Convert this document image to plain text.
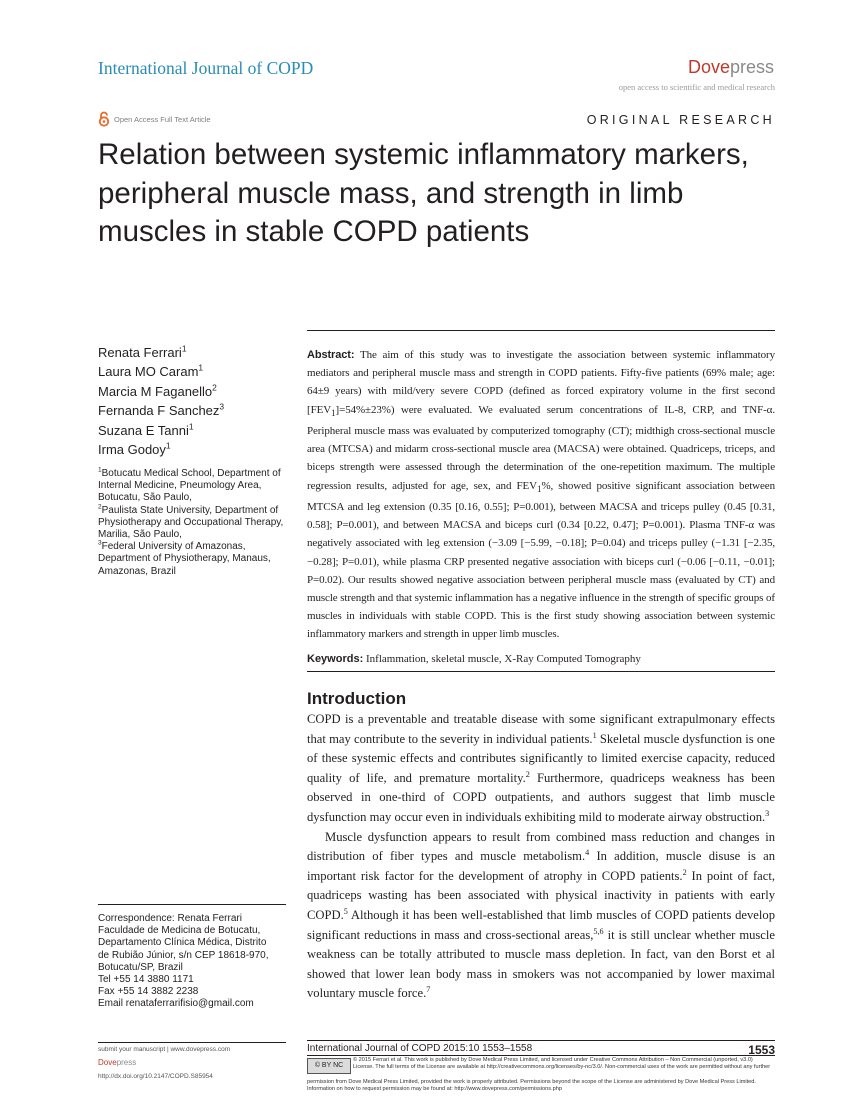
International Journal of COPD	Dovepress
open access to scientific and medical research
Open Access Full Text Article	ORIGINAL RESEARCH
Relation between systemic inflammatory markers, peripheral muscle mass, and strength in limb muscles in stable COPD patients
Renata Ferrari$^1$
Laura MO Caram$^1$
Marcia M Faganello$^2$
Fernanda F Sanchez$^3$
Suzana E Tanni$^1$
Irma Godoy$^1$
$^1$Botucatu Medical School, Department of Internal Medicine, Pneumology Area, Botucatu, São Paulo,
$^2$Paulista State University, Department of Physiotherapy and Occupational Therapy, Marilia, São Paulo,
$^3$Federal University of Amazonas, Department of Physiotherapy, Manaus, Amazonas, Brazil
Correspondence: Renata Ferrari
Faculdade de Medicina de Botucatu,
Departamento Clínica Médica, Distrito
de Rubião Júnior, s/n CEP 18618-970,
Botucatu/SP, Brazil
Tel +55 14 3880 1171
Fax +55 14 3882 2238
Email renataferrarifisio@gmail.com
Abstract: The aim of this study was to investigate the association between systemic inflammatory mediators and peripheral muscle mass and strength in COPD patients. Fifty-five patients (69% male; age: 64±9 years) with mild/very severe COPD (defined as forced expiratory volume in the first second $[FEV_1]=54\%\pm 23\%$) were evaluated. We evaluated serum concentrations of IL-8, CRP, and TNF-α. Peripheral muscle mass was evaluated by computerized tomography (CT); midthigh cross-sectional muscle area (MTCSA) and midarm cross-sectional muscle area (MACSA) were obtained. Quadriceps, triceps, and biceps strength were assessed through the determination of the one-repetition maximum. The multiple regression results, adjusted for age, sex, and $FEV_1\%$, showed positive significant association between MTCSA and leg extension (0.35 [0.16, 0.55]; P=0.001), between MACSA and triceps pulley (0.45 [0.31, 0.58]; P=0.001), and between MACSA and biceps curl (0.34 [0.22, 0.47]; P=0.001). Plasma TNF-α was negatively associated with leg extension (−3.09 [−5.99, −0.18]; P=0.04) and triceps pulley (−1.31 [−2.35, −0.28]; P=0.01), while plasma CRP presented negative association with biceps curl (−0.06 [−0.11, −0.01]; P=0.02). Our results showed negative association between peripheral muscle mass (evaluated by CT) and muscle strength and that systemic inflammation has a negative influence in the strength of specific groups of muscles in individuals with stable COPD. This is the first study showing association between systemic inflammatory markers and strength in upper limb muscles.
Keywords: Inflammation, skeletal muscle, X-Ray Computed Tomography
Introduction

COPD is a preventable and treatable disease with some significant extrapulmonary effects that may contribute to the severity in individual patients.$^1$ Skeletal muscle dysfunction is one of these systemic effects and contributes significantly to limited exercise capacity, reduced quality of life, and premature mortality.$^2$ Furthermore, quadriceps weakness has been observed in one-third of COPD outpatients, and authors suggest that limb muscle dysfunction may occur even in individuals exhibiting mild to moderate airway obstruction.$^3$

Muscle dysfunction appears to result from combined mass reduction and changes in distribution of fiber types and muscle metabolism.$^4$ In addition, muscle disuse is an important risk factor for the development of atrophy in COPD patients.$^2$ In point of fact, quadriceps wasting has been associated with physical inactivity in patients with early COPD.$^5$ Although it has been well-established that limb muscles of COPD patients develop significant reductions in mass and cross-sectional areas,$^{5,6}$ it is still unclear whether muscle weakness can be totally attributed to muscle mass depletion. In fact, van den Borst et al showed that lower lean body mass in smokers was not accompanied by lower maximal voluntary muscle force.$^7$

submit your manuscript | www.dovepress.com
Dovepress
http://dx.doi.org/10.2147/COPD.S85954
International Journal of COPD 2015:10 1553–1558	1553
© BY NC
© 2015 Ferrari et al. This work is published by Dove Medical Press Limited, and licensed under Creative Commons Attribution – Non Commercial (unported, v3.0) License. The full terms of the License are available at http://creativecommons.org/licenses/by-nc/3.0/. Non-commercial uses of the work are permitted without any further
permission from Dove Medical Press Limited, provided the work is properly attributed. Permissions beyond the scope of the License are administered by Dove Medical Press Limited. Information on how to request permission may be found at: http://www.dovepress.com/permissions.php
